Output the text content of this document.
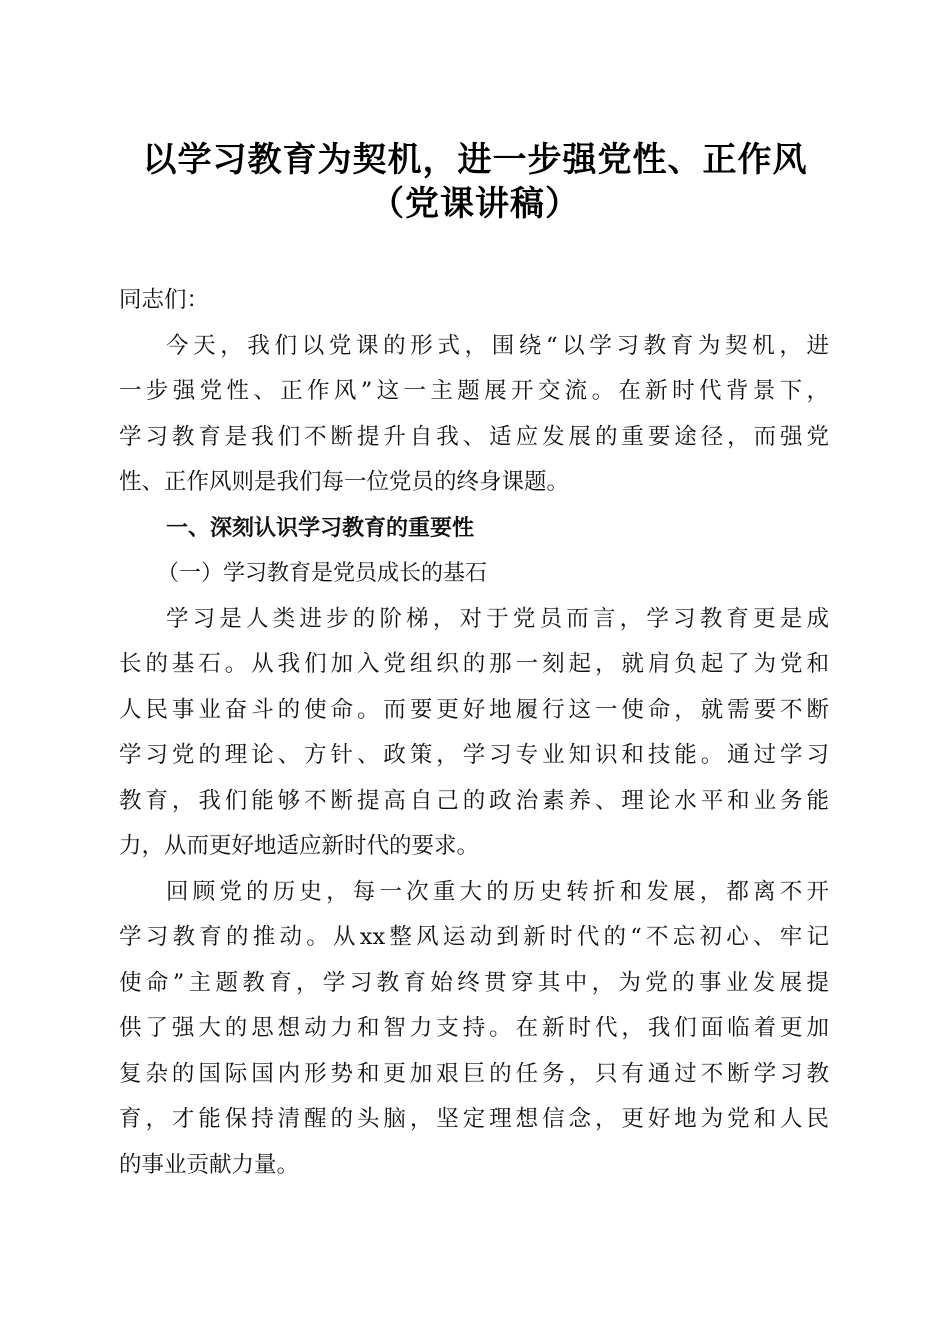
以学习教育为契机，进一步强党性、正作风
（党课讲稿）
同志们：
今天，我们以党课的形式，围绕“以学习教育为契机，进
一步强党性、正作风”这一主题展开交流。在新时代背景下，
学习教育是我们不断提升自我、适应发展的重要途径，而强党
性、正作风则是我们每一位党员的终身课题。
一、深刻认识学习教育的重要性
（一）学习教育是党员成长的基石
学习是人类进步的阶梯，对于党员而言，学习教育更是成
长的基石。从我们加入党组织的那一刻起，就肩负起了为党和
人民事业奋斗的使命。而要更好地履行这一使命，就需要不断
学习党的理论、方针、政策，学习专业知识和技能。通过学习
教育，我们能够不断提高自己的政治素养、理论水平和业务能
力，从而更好地适应新时代的要求。
回顾党的历史，每一次重大的历史转折和发展，都离不开
学习教育的推动。从xx整风运动到新时代的“不忘初心、牢记
使命”主题教育，学习教育始终贯穿其中，为党的事业发展提
供了强大的思想动力和智力支持。在新时代，我们面临着更加
复杂的国际国内形势和更加艰巨的任务，只有通过不断学习教
育，才能保持清醒的头脑，坚定理想信念，更好地为党和人民
的事业贡献力量。
